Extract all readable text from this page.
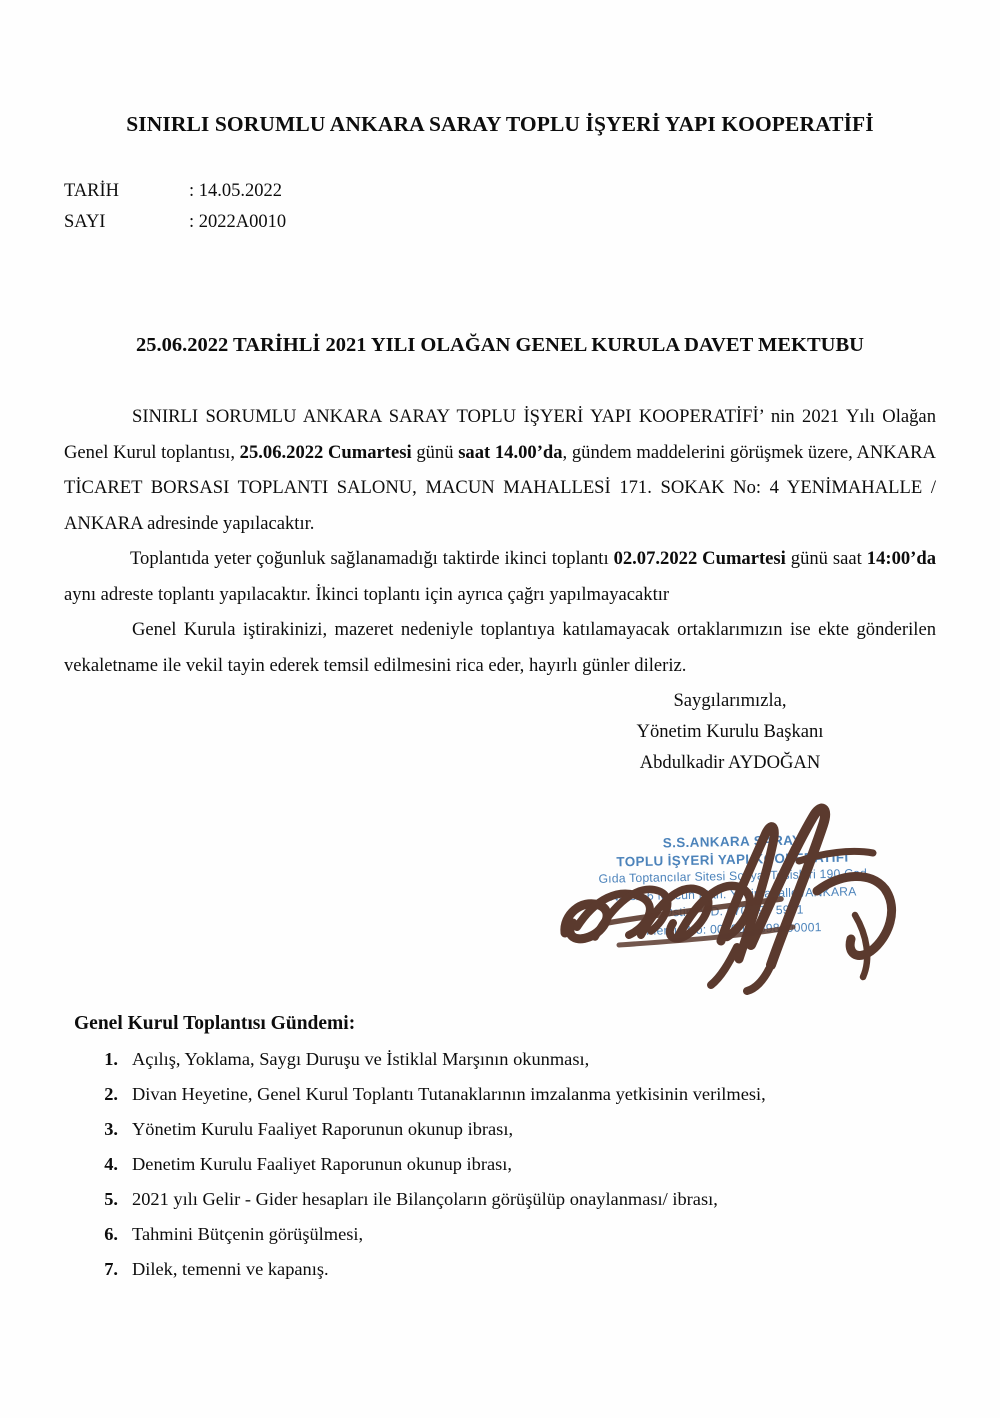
SINIRLI SORUMLU ANKARA SARAY TOPLU İŞYERİ YAPI KOOPERATİFİ
TARİH	: 14.05.2022
SAYI	: 2022A0010
25.06.2022 TARİHLİ 2021 YILI OLAĞAN GENEL KURULA DAVET MEKTUBU

SINIRLI SORUMLU ANKARA SARAY TOPLU İŞYERİ YAPI KOOPERATİFİ’ nin 2021 Yılı Olağan Genel Kurul toplantısı, 25.06.2022 Cumartesi günü saat 14.00’da, gündem maddelerini görüşmek üzere, ANKARA TİCARET BORSASI TOPLANTI SALONU, MACUN MAHALLESİ 171. SOKAK No: 4 YENİMAHALLE / ANKARA adresinde yapılacaktır.

Toplantıda yeter çoğunluk sağlanamadığı taktirde ikinci toplantı 02.07.2022 Cumartesi günü saat 14:00’da aynı adreste toplantı yapılacaktır. İkinci toplantı için ayrıca çağrı yapılmayacaktır

Genel Kurula iştirakinizi, mazeret nedeniyle toplantıya katılamayacak ortaklarımızın ise ekte gönderilen vekaletname ile vekil tayin ederek temsil edilmesini rica eder, hayırlı günler dileriz.

Saygılarımızla,
Yönetim Kurulu Başkanı
Abdulkadir AYDOĞAN
S.S.ANKARA SARAY
TOPLU İŞYERİ YAPI KOOPERATİFİ
Gıda Toptancılar Sitesi Sosyal Tesisleri 190 Cad
No:3/56 Macun Mah. Yenimahalle /ANKARA
Ostim V.D. 070 090 5981
Mersis No: 0070090598100001
Genel Kurul Toplantısı Gündemi:
1. Açılış, Yoklama, Saygı Duruşu ve İstiklal Marşının okunması,
2. Divan Heyetine, Genel Kurul Toplantı Tutanaklarının imzalanma yetkisinin verilmesi,
3. Yönetim Kurulu Faaliyet Raporunun okunup ibrası,
4. Denetim Kurulu Faaliyet Raporunun okunup ibrası,
5. 2021 yılı Gelir - Gider hesapları ile Bilançoların görüşülüp onaylanması/ ibrası,
6. Tahmini Bütçenin görüşülmesi,
7. Dilek, temenni ve kapanış.
